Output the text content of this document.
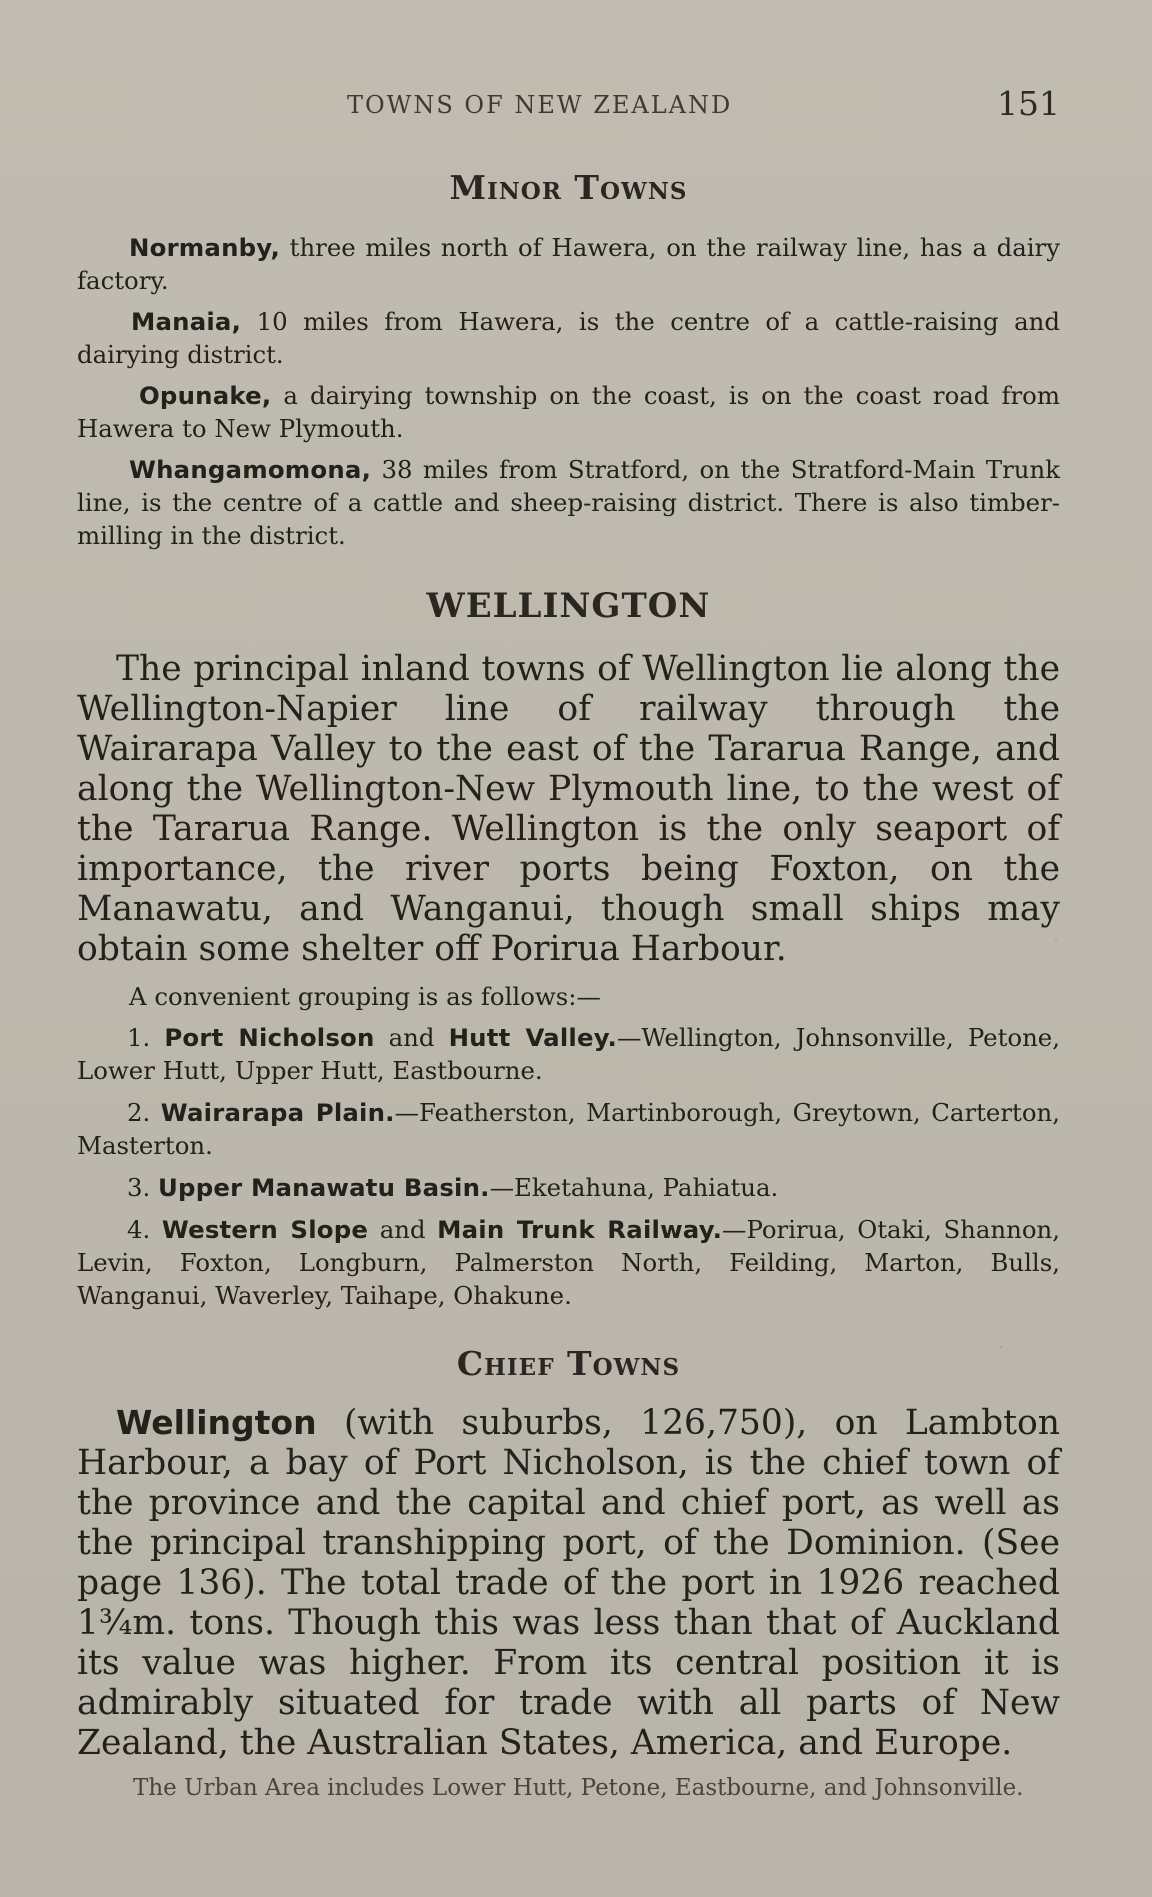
TOWNS OF NEW ZEALAND	151
Minor Towns

Normanby, three miles north of Hawera, on the railway line, has a dairy factory.

Manaia, 10 miles from Hawera, is the centre of a cattle-raising and dairying district.

Opunake, a dairying township on the coast, is on the coast road from Hawera to New Plymouth.

Whangamomona, 38 miles from Stratford, on the Stratford-Main Trunk line, is the centre of a cattle and sheep-raising district. There is also timber-milling in the district.

WELLINGTON

The principal inland towns of Wellington lie along the Wellington-Napier line of railway through the Wairarapa Valley to the east of the Tararua Range, and along the Wellington-New Plymouth line, to the west of the Tararua Range. Wellington is the only seaport of importance, the river ports being Foxton, on the Manawatu, and Wanganui, though small ships may obtain some shelter off Porirua Harbour.

A convenient grouping is as follows:—

1. Port Nicholson and Hutt Valley.—Wellington, Johnsonville, Petone, Lower Hutt, Upper Hutt, Eastbourne.

2. Wairarapa Plain.—Featherston, Martinborough, Greytown, Carterton, Masterton.

3. Upper Manawatu Basin.—Eketahuna, Pahiatua.

4. Western Slope and Main Trunk Railway.—Porirua, Otaki, Shannon, Levin, Foxton, Longburn, Palmerston North, Feilding, Marton, Bulls, Wanganui, Waverley, Taihape, Ohakune.

Chief Towns

Wellington (with suburbs, 126,750), on Lambton Harbour, a bay of Port Nicholson, is the chief town of the province and the capital and chief port, as well as the principal transhipping port, of the Dominion. (See page 136). The total trade of the port in 1926 reached 1¾m. tons. Though this was less than that of Auckland its value was higher. From its central position it is admirably situated for trade with all parts of New Zealand, the Australian States, America, and Europe.

The Urban Area includes Lower Hutt, Petone, Eastbourne, and Johnsonville.
